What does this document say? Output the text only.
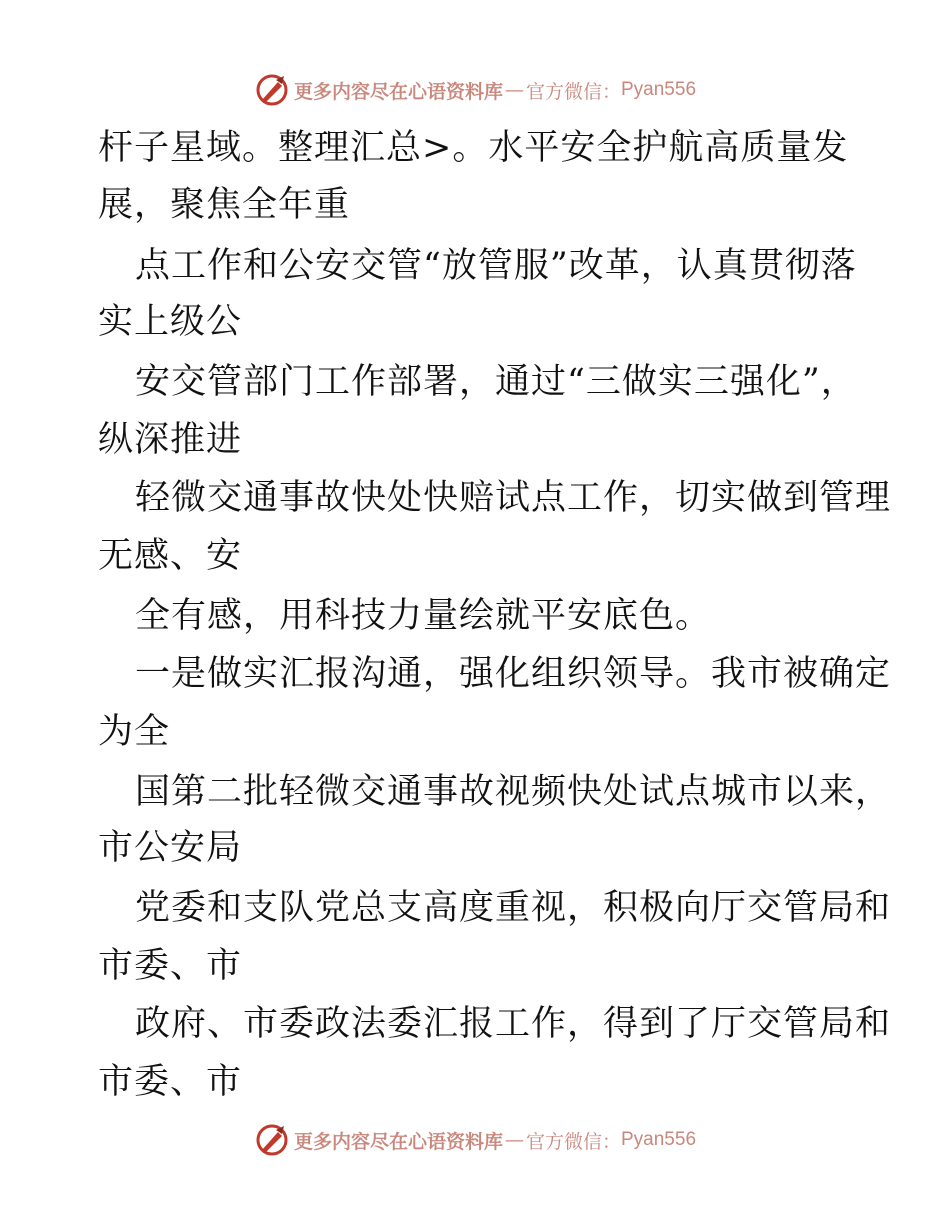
更多内容尽在心语资料库 — 官方微信： Pyan556
杆子星域。整理汇总>。水平安全护航高质量发
展，聚焦全年重
点工作和公安交管“放管服”改革，认真贯彻落
实上级公
安交管部门工作部署，通过“三做实三强化”，
纵深推进
轻微交通事故快处快赔试点工作，切实做到管理
无感、安
全有感，用科技力量绘就平安底色。
一是做实汇报沟通，强化组织领导。我市被确定
为全
国第二批轻微交通事故视频快处试点城市以来，
市公安局
党委和支队党总支高度重视，积极向厅交管局和
市委、市
政府、市委政法委汇报工作，得到了厅交管局和
市委、市
更多内容尽在心语资料库 — 官方微信： Pyan556
